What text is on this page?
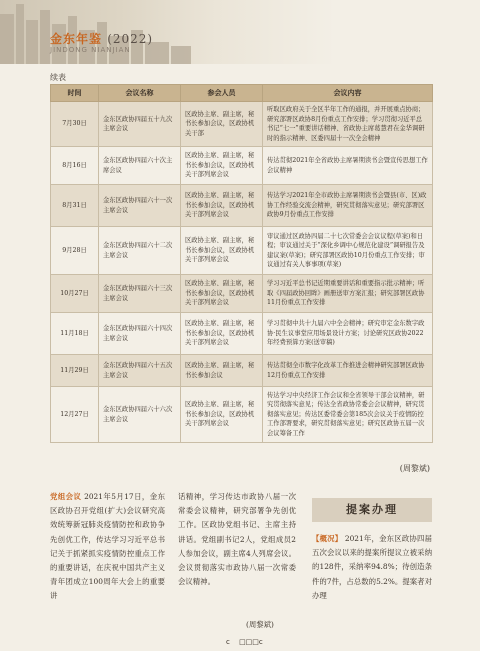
金东年鉴 (2022)
JINDONG NIANJIAN
续表
时间	会议名称	参会人员	会议内容
7月30日	金东区政协四届五十九次主席会议	区政协主席、副主席，秘书长参加会议，区政协机关干部	听取区政府关于全区半年工作的通报，并开展重点协商；研究部署区政协8月份重点工作安排；学习贯彻习近平总书记“七一”重要讲话精神、省政协主席葛慧君在金华调研时的指示精神、区委四届十一次全会精神
8月16日	金东区政协四届六十次主席会议	区政协主席、副主席，秘书长参加会议，区政协机关干部列席会议	传达贯彻2021年全省政协主席暑期读书会暨宣传思想工作会议精神
8月31日	金东区政协四届六十一次主席会议	区政协主席、副主席，秘书长参加会议，区政协机关干部列席会议	传达学习2021年全市政协主席暑期读书会暨县(市、区)政协工作经验交流会精神，研究贯彻落实意见；研究部署区政协9月份重点工作安排
9月28日	金东区政协四届六十二次主席会议	区政协主席、副主席，秘书长参加会议，区政协机关干部列席会议	审议通过区政协四届二十七次常委会会议议程(草案)和日程；审议通过关于“深化乡调中心规范化建设”调研报告及建议案(草案)；研究部署区政协10月份重点工作安排；审议通过有关人事事项(草案)
10月27日	金东区政协四届六十三次主席会议	区政协主席、副主席，秘书长参加会议，区政协机关干部列席会议	学习习近平总书记近期重要讲话和重要指示批示精神；听取《四届政协回眸》画册送审方案汇报；研究部署区政协11月份重点工作安排
11月18日	金东区政协四届六十四次主席会议	区政协主席、副主席，秘书长参加会议，区政协机关干部列席会议	学习贯彻中共十九届六中全会精神；研究审定金东数字政协·民生议事堂应用场景设计方案；讨论研究区政协2022年经费预算方案(送审稿)
11月29日	金东区政协四届六十五次主席会议	区政协主席、副主席，秘书长参加会议	传达贯彻全市数字化改革工作推进会精神研究部署区政协12月份重点工作安排
12月27日	金东区政协四届六十六次主席会议	区政协主席、副主席，秘书长参加会议，区政协机关干部列席会议	传达学习中央经济工作会议和全省领导干部会议精神，研究贯彻落实意见；传达全省政协常委会会议精神，研究贯彻落实意见；传达区委常委会第185次会议关于疫情防控工作部署要求，研究贯彻落实意见；研究区政协五届一次会议筹备工作
(周黎斌)
党组会议 2021年5月17日，金东区政协召开党组(扩大)会议研究高效统筹新冠肺炎疫情防控和政协争先创优工作，传达学习习近平总书记关于抓紧抓实疫情防控重点工作的重要讲话，在庆祝中国共产主义青年团成立100周年大会上的重要讲
话精神，学习传达市政协八届一次常委会议精神，研究部署争先创优工作。区政协党组书记、主席主持讲话。党组副书记2人，党组成员2人参加会议，副主席4人列席会议。会议贯彻落实市政协八届一次常委会议精神。
(周黎斌)
提案办理
【概况】 2021年，金东区政协四届五次会议以来的提案所提议立被采纳的128件，采纳率94.8%；待创造条件的7件，占总数的5.2%。提案者对办理
c 　□□□c
